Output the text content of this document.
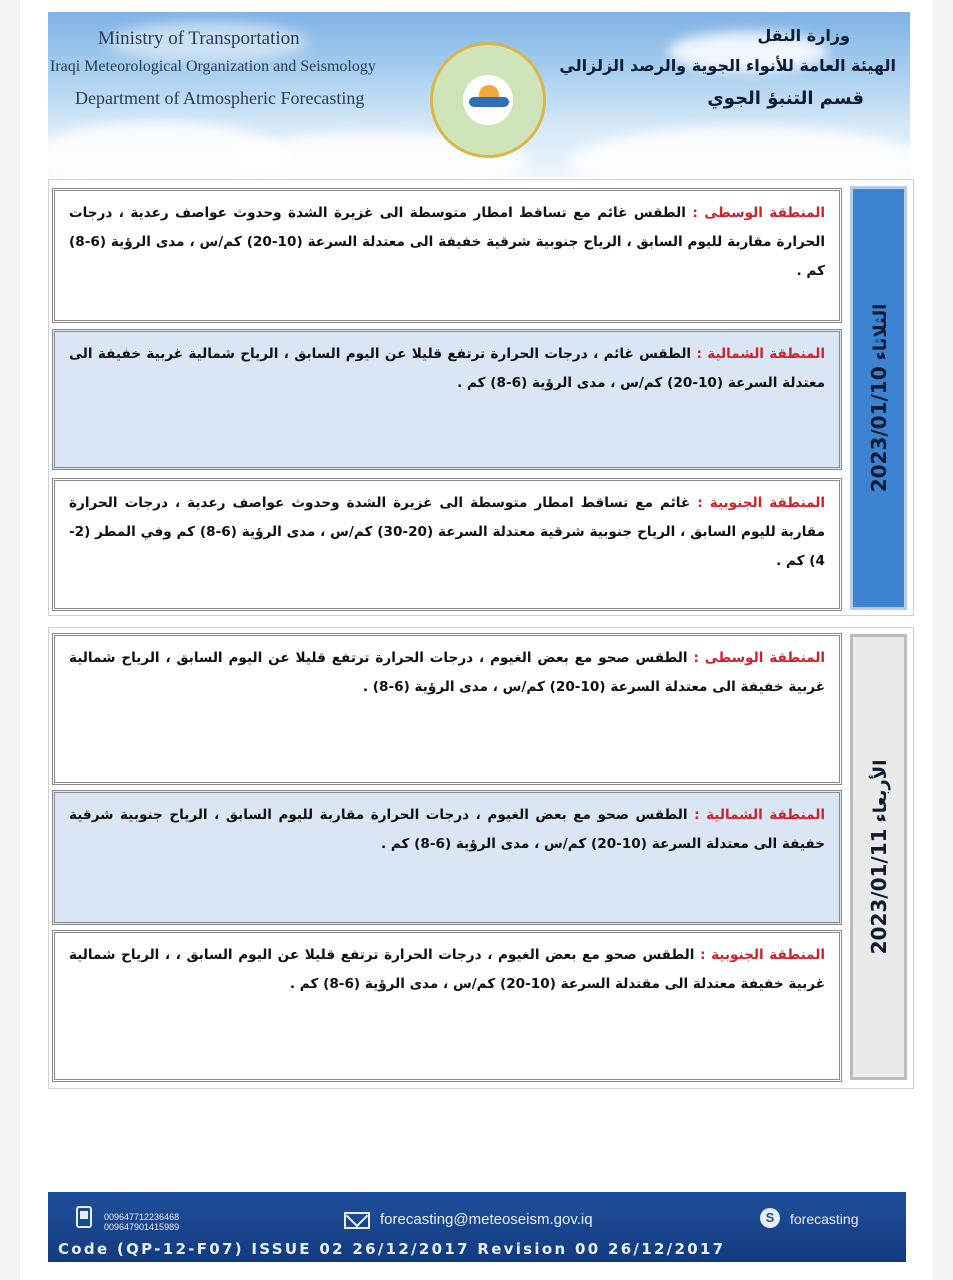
Ministry of Transportation
Iraqi Meteorological Organization and Seismology
Department of Atmospheric Forecasting
وزارة النقل
الهيئة العامة للأنواء الجوية والرصد الزلزالي
قسم التنبؤ الجوي
المنطقة الوسطى : الطقس غائم مع تساقط امطار متوسطة الى غزيرة الشدة وحدوث عواصف رعدية ، درجات الحرارة مقاربة لليوم السابق ، الرياح جنوبية شرقية خفيفة الى معتدلة السرعة (10-20) كم/س ، مدى الرؤية (6-8) كم .
المنطقة الشمالية : الطقس غائم ، درجات الحرارة ترتفع قليلا عن اليوم السابق ، الرياح شمالية غربية خفيفة الى معتدلة السرعة (10-20) كم/س ، مدى الرؤية (6-8) كم .
المنطقة الجنوبية : غائم مع تساقط امطار متوسطة الى غزيرة الشدة وحدوث عواصف رعدية ، درجات الحرارة مقاربة لليوم السابق ، الرياح جنوبية شرقية معتدلة السرعة (20-30) كم/س ، مدى الرؤية (6-8) كم وفي المطر (2-4) كم .
2023/01/10الثلاثاء
المنطقة الوسطى : الطقس صحو مع بعض الغيوم ، درجات الحرارة ترتفع قليلا عن اليوم السابق ، الرياح شمالية غربية خفيفة الى معتدلة السرعة (10-20) كم/س ، مدى الرؤية (6-8) .
المنطقة الشمالية : الطقس صحو مع بعض الغيوم ، درجات الحرارة مقاربة لليوم السابق ، الرياح جنوبية شرقية خفيفة الى معتدلة السرعة (10-20) كم/س ، مدى الرؤية (6-8) كم .
المنطقة الجنوبية : الطقس صحو مع بعض الغيوم ، درجات الحرارة ترتفع قليلا عن اليوم السابق ، ، الرياح شمالية غربية خفيفة معتدلة الى مقتدلة السرعة (10-20) كم/س ، مدى الرؤية (6-8) كم .
2023/01/11الأربعاء
009647712236468
009647901415989	forecasting@meteoseism.gov.iq	S	forecasting
Code (QP-12-F07) ISSUE 02 26/12/2017 Revision 00 26/12/2017
